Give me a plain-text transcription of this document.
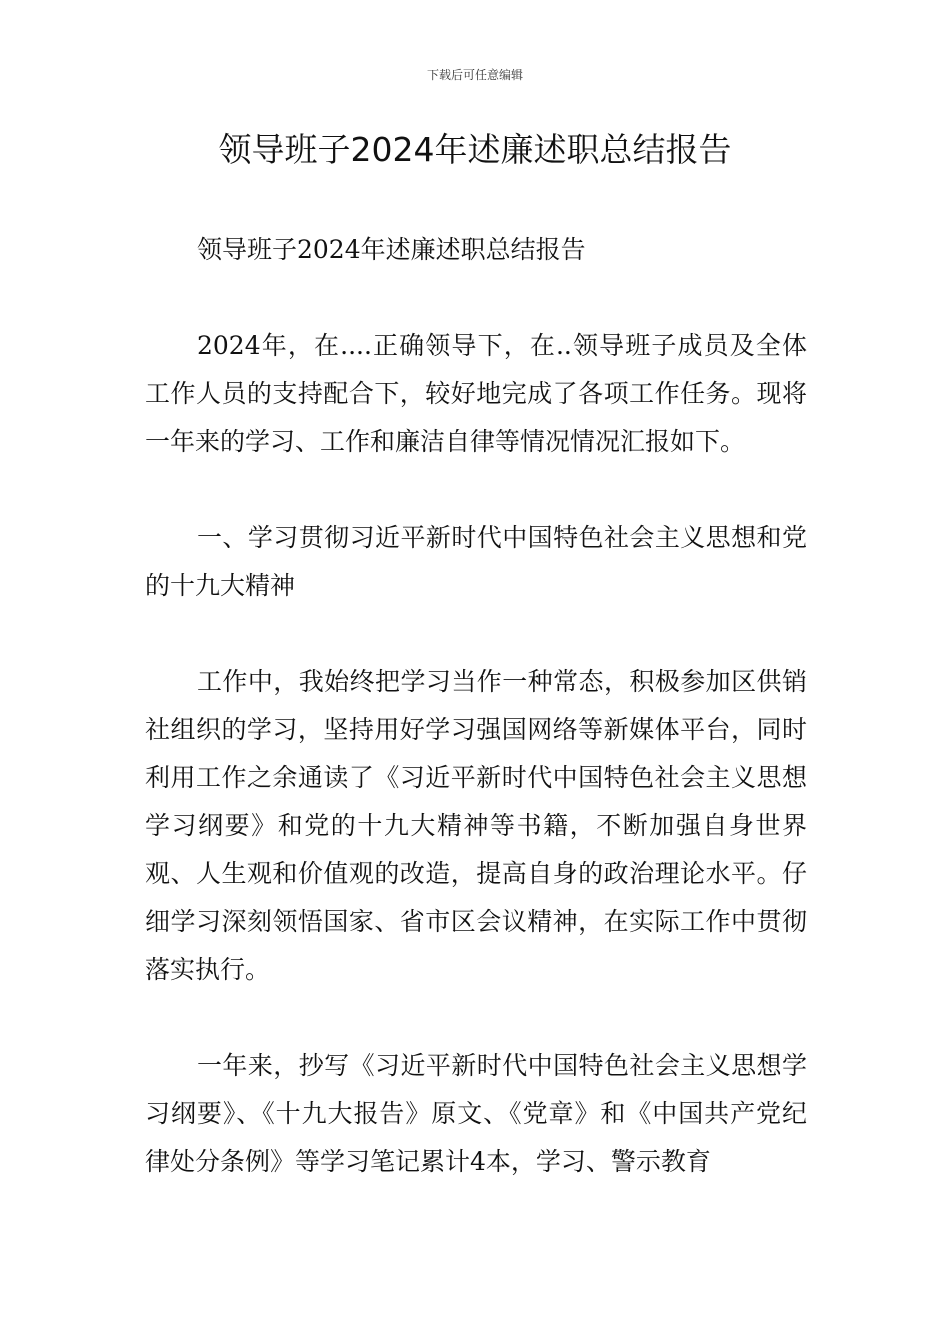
下载后可任意编辑
领导班子2024年述廉述职总结报告

领导班子2024年述廉述职总结报告

2024年，在....正确领导下，在..领导班子成员及全体工作人员的支持配合下，较好地完成了各项工作任务。现将一年来的学习、工作和廉洁自律等情况情况汇报如下。

一、学习贯彻习近平新时代中国特色社会主义思想和党的十九大精神

工作中，我始终把学习当作一种常态，积极参加区供销社组织的学习，坚持用好学习强国网络等新媒体平台，同时利用工作之余通读了《习近平新时代中国特色社会主义思想学习纲要》和党的十九大精神等书籍，不断加强自身世界观、人生观和价值观的改造，提高自身的政治理论水平。仔细学习深刻领悟国家、省市区会议精神，在实际工作中贯彻落实执行。

一年来，抄写《习近平新时代中国特色社会主义思想学习纲要》、《十九大报告》原文、《党章》和《中国共产党纪律处分条例》等学习笔记累计4本，学习、警示教育
